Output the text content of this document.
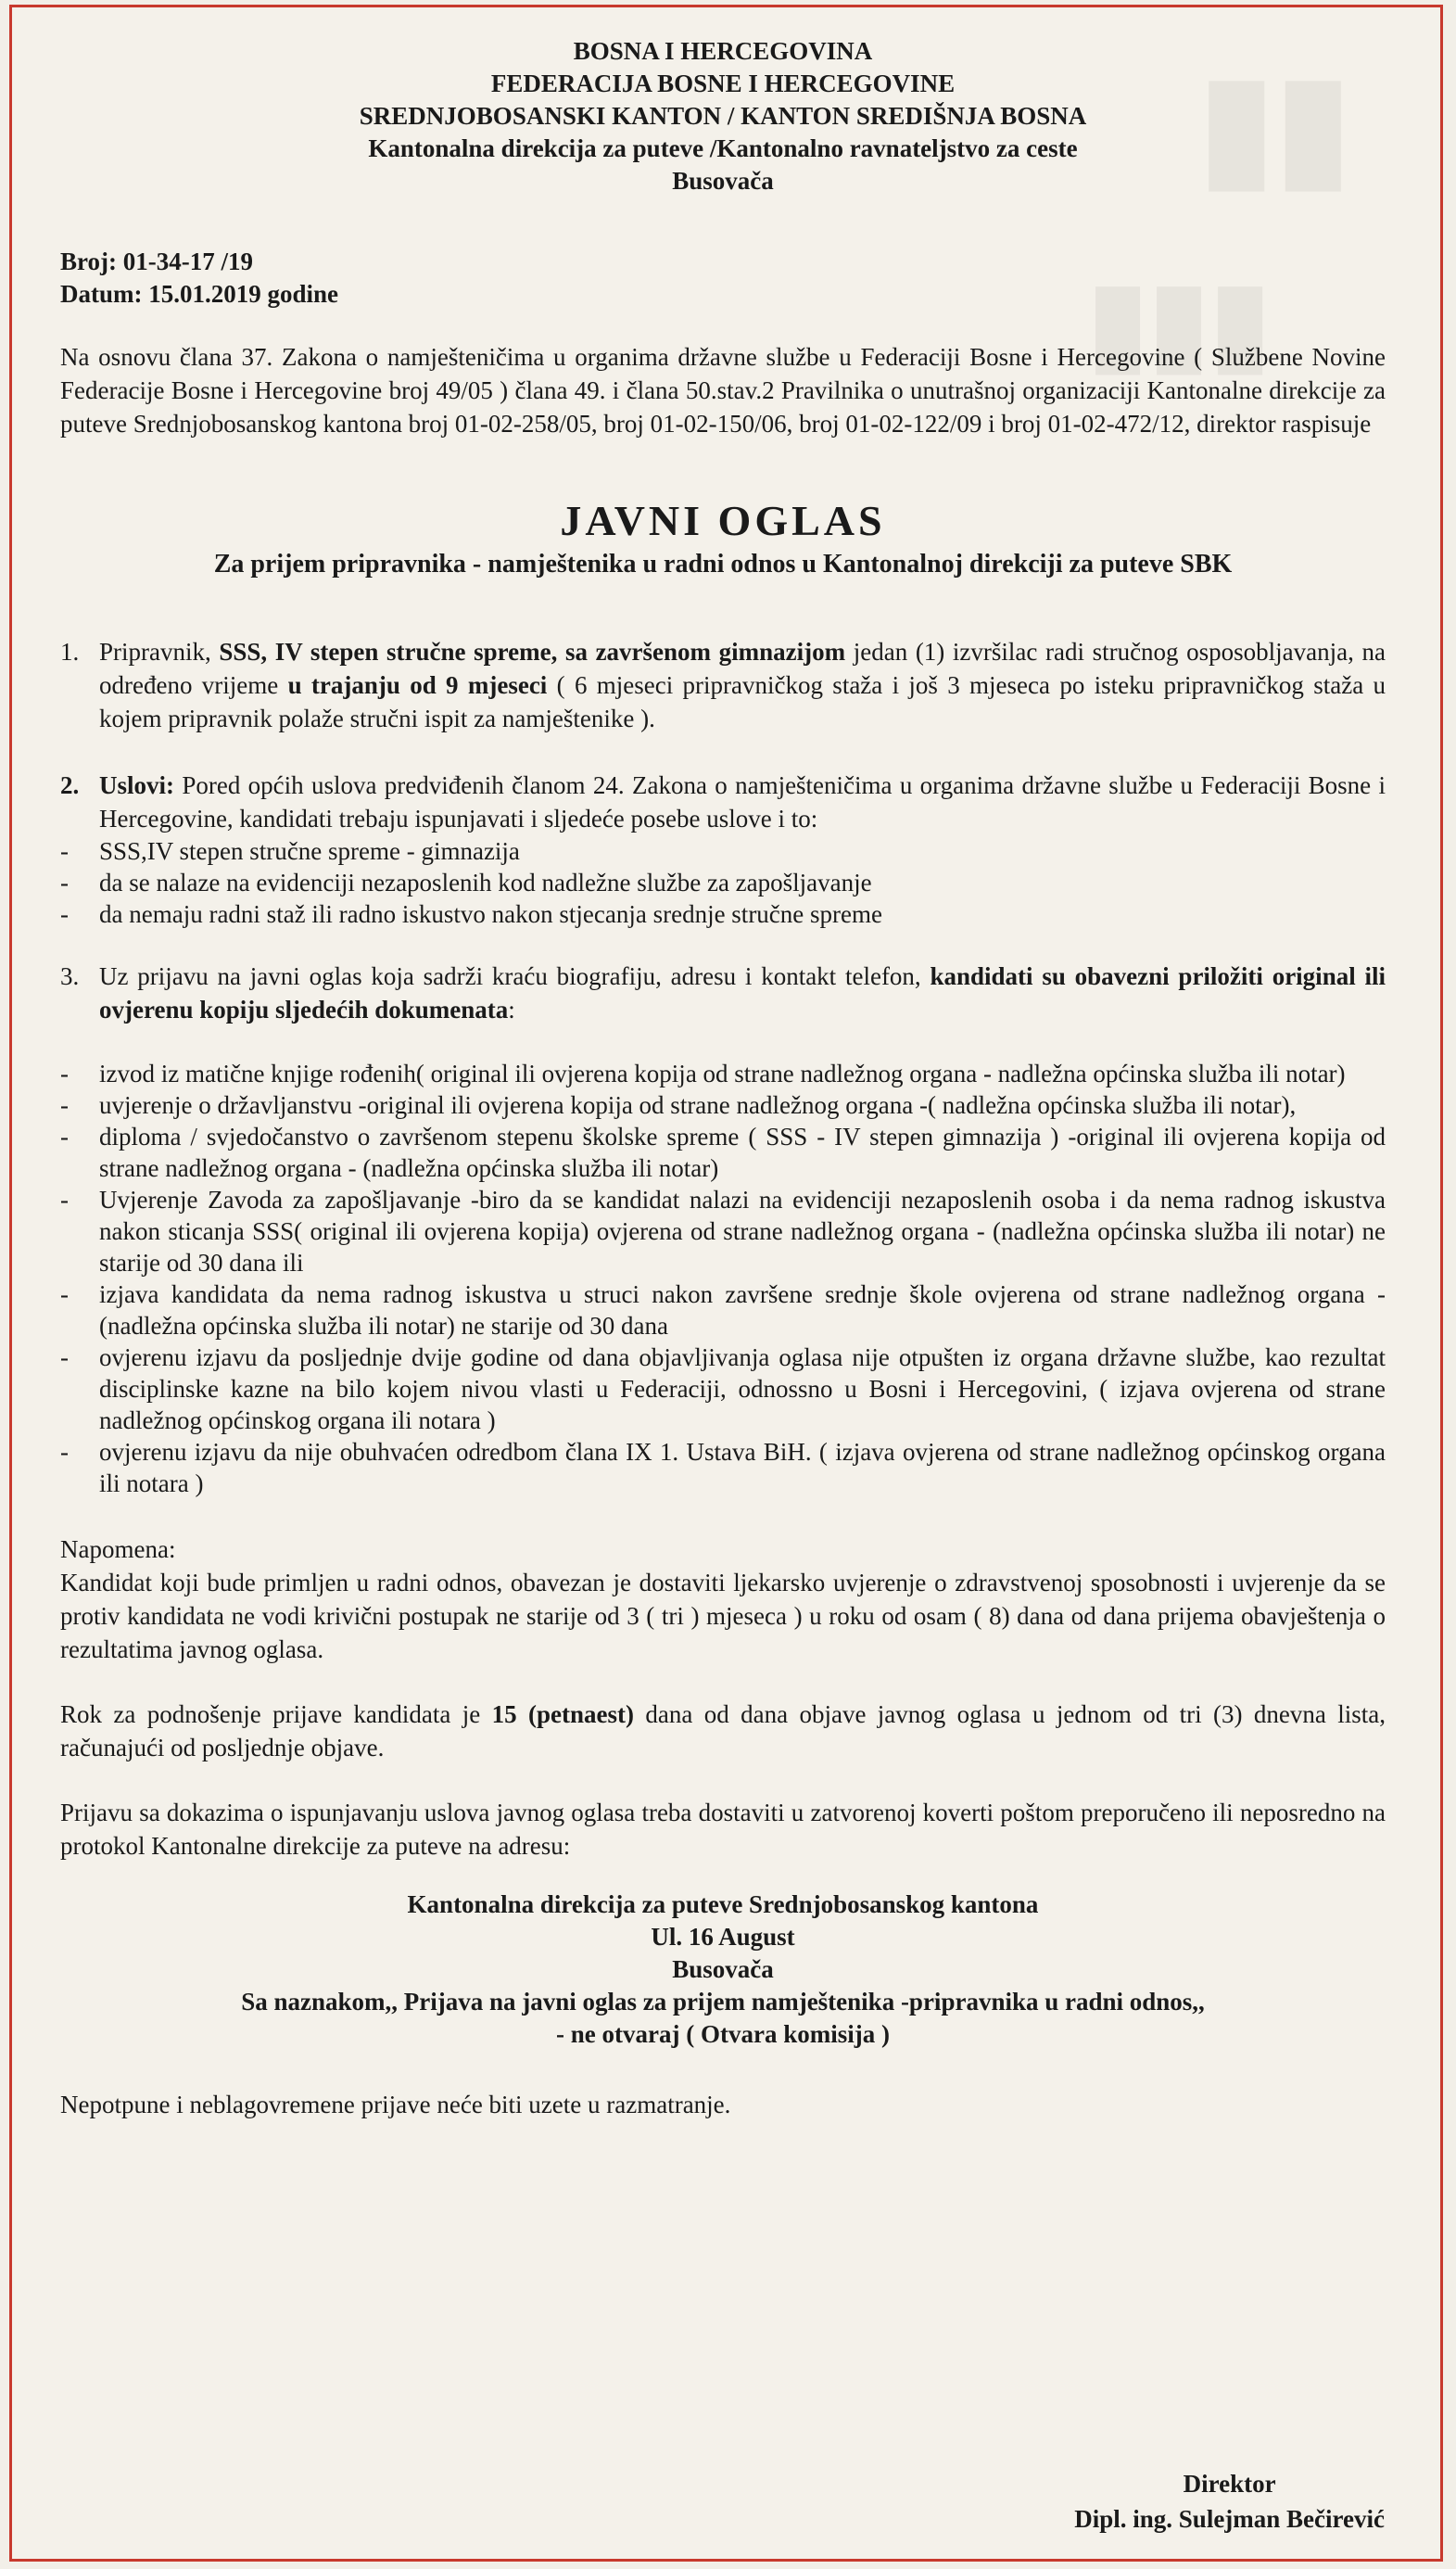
▮▮
▮▮▮
BOSNA I HERCEGOVINA
FEDERACIJA BOSNE I HERCEGOVINE
SREDNJOBOSANSKI KANTON / KANTON SREDIŠNJA BOSNA
Kantonalna direkcija za puteve /Kantonalno ravnateljstvo za ceste
Busovača
Broj: 01-34-17 /19
Datum: 15.01.2019 godine

Na osnovu člana 37. Zakona o namješteničima u organima državne službe u Federaciji Bosne i Hercegovine ( Službene Novine Federacije Bosne i Hercegovine broj 49/05 ) člana 49. i člana 50.stav.2 Pravilnika o unutrašnoj organizaciji Kantonalne direkcije za puteve Srednjobosanskog kantona broj 01-02-258/05, broj 01-02-150/06, broj 01-02-122/09 i broj 01-02-472/12, direktor raspisuje

JAVNI OGLAS
Za prijem pripravnika - namještenika u radni odnos u Kantonalnoj direkciji za puteve SBK
1. Pripravnik, SSS, IV stepen stručne spreme, sa završenom gimnazijom jedan (1) izvršilac radi stručnog osposobljavanja, na određeno vrijeme u trajanju od 9 mjeseci ( 6 mjeseci pripravničkog staža i još 3 mjeseca po isteku pripravničkog staža u kojem pripravnik polaže stručni ispit za namještenike ).
2. Uslovi: Pored općih uslova predviđenih članom 24. Zakona o namješteničima u organima državne službe u Federaciji Bosne i Hercegovine, kandidati trebaju ispunjavati i sljedeće posebe uslove i to:
-	SSS,IV stepen stručne spreme - gimnazija
-	da se nalaze na evidenciji nezaposlenih kod nadležne službe za zapošljavanje
-	da nemaju radni staž ili radno iskustvo nakon stjecanja srednje stručne spreme
3. Uz prijavu na javni oglas koja sadrži kraću biografiju, adresu i kontakt telefon, kandidati su obavezni priložiti original ili ovjerenu kopiju sljedećih dokumenata:
-	izvod iz matične knjige rođenih( original ili ovjerena kopija od strane nadležnog organa - nadležna općinska služba ili notar)
-	uvjerenje o državljanstvu -original ili ovjerena kopija od strane nadležnog organa -( nadležna općinska služba ili notar),
-	diploma / svjedočanstvo o završenom stepenu školske spreme ( SSS - IV stepen gimnazija ) -original ili ovjerena kopija od strane nadležnog organa - (nadležna općinska služba ili notar)
-	Uvjerenje Zavoda za zapošljavanje -biro da se kandidat nalazi na evidenciji nezaposlenih osoba i da nema radnog iskustva nakon sticanja SSS( original ili ovjerena kopija) ovjerena od strane nadležnog organa - (nadležna općinska služba ili notar) ne starije od 30 dana ili
-	izjava kandidata da nema radnog iskustva u struci nakon završene srednje škole ovjerena od strane nadležnog organa - (nadležna općinska služba ili notar) ne starije od 30 dana
-	ovjerenu izjavu da posljednje dvije godine od dana objavljivanja oglasa nije otpušten iz organa državne službe, kao rezultat disciplinske kazne na bilo kojem nivou vlasti u Federaciji, odnossno u Bosni i Hercegovini, ( izjava ovjerena od strane nadležnog općinskog organa ili notara )
-	ovjerenu izjavu da nije obuhvaćen odredbom člana IX 1. Ustava BiH. ( izjava ovjerena od strane nadležnog općinskog organa ili notara )
Napomena:

Kandidat koji bude primljen u radni odnos, obavezan je dostaviti ljekarsko uvjerenje o zdravstvenoj sposobnosti i uvjerenje da se protiv kandidata ne vodi krivični postupak ne starije od 3 ( tri ) mjeseca ) u roku od osam ( 8) dana od dana prijema obavještenja o rezultatima javnog oglasa.

Rok za podnošenje prijave kandidata je 15 (petnaest) dana od dana objave javnog oglasa u jednom od tri (3) dnevna lista, računajući od posljednje objave.

Prijavu sa dokazima o ispunjavanju uslova javnog oglasa treba dostaviti u zatvorenoj koverti poštom preporučeno ili neposredno na protokol Kantonalne direkcije za puteve na adresu:

Kantonalna direkcija za puteve Srednjobosanskog kantona
Ul. 16 August
Busovača
Sa naznakom,, Prijava na javni oglas za prijem namještenika -pripravnika u radni odnos,,
- ne otvaraj ( Otvara komisija )

Nepotpune i neblagovremene prijave neće biti uzete u razmatranje.

Direktor
Dipl. ing. Sulejman Bečirević
